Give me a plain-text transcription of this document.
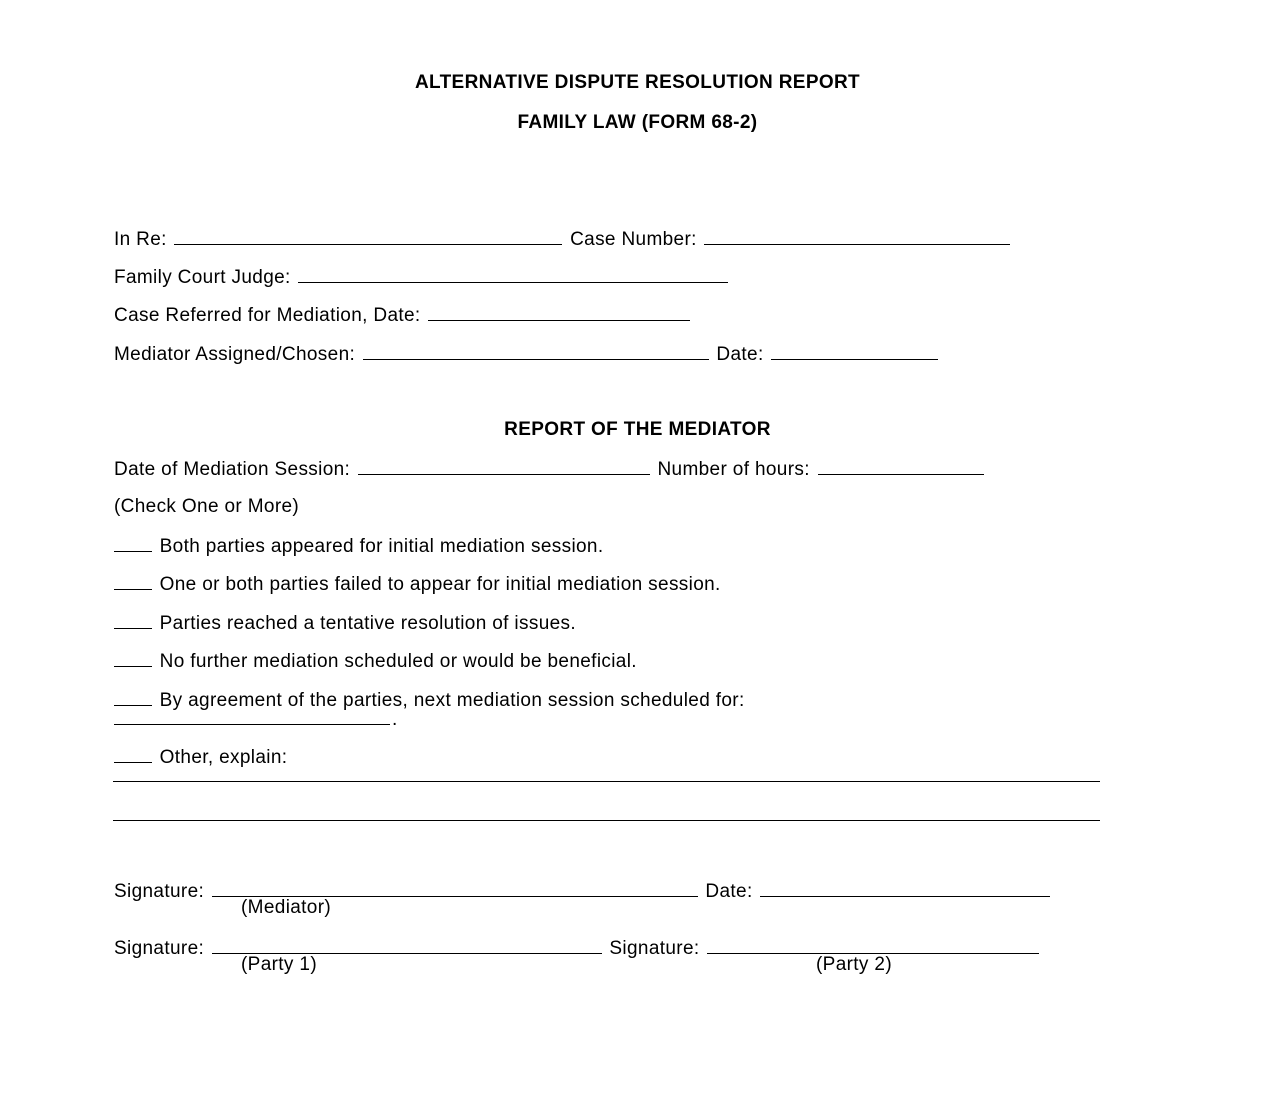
ALTERNATIVE DISPUTE RESOLUTION REPORT
FAMILY LAW (FORM 68-2)
In Re:	Case Number:
Family Court Judge:
Case Referred for Mediation, Date:
Mediator Assigned/Chosen:	Date:
REPORT OF THE MEDIATOR
Date of Mediation Session:	Number of hours:
(Check One or More)
Both parties appeared for initial mediation session.
One or both parties failed to appear for initial mediation session.
Parties reached a tentative resolution of issues.
No further mediation scheduled or would be beneficial.
By agreement of the parties, next mediation session scheduled for:
.
Other, explain:
Signature:	Date:
(Mediator)
Signature:	Signature:
(Party 1)	(Party 2)
